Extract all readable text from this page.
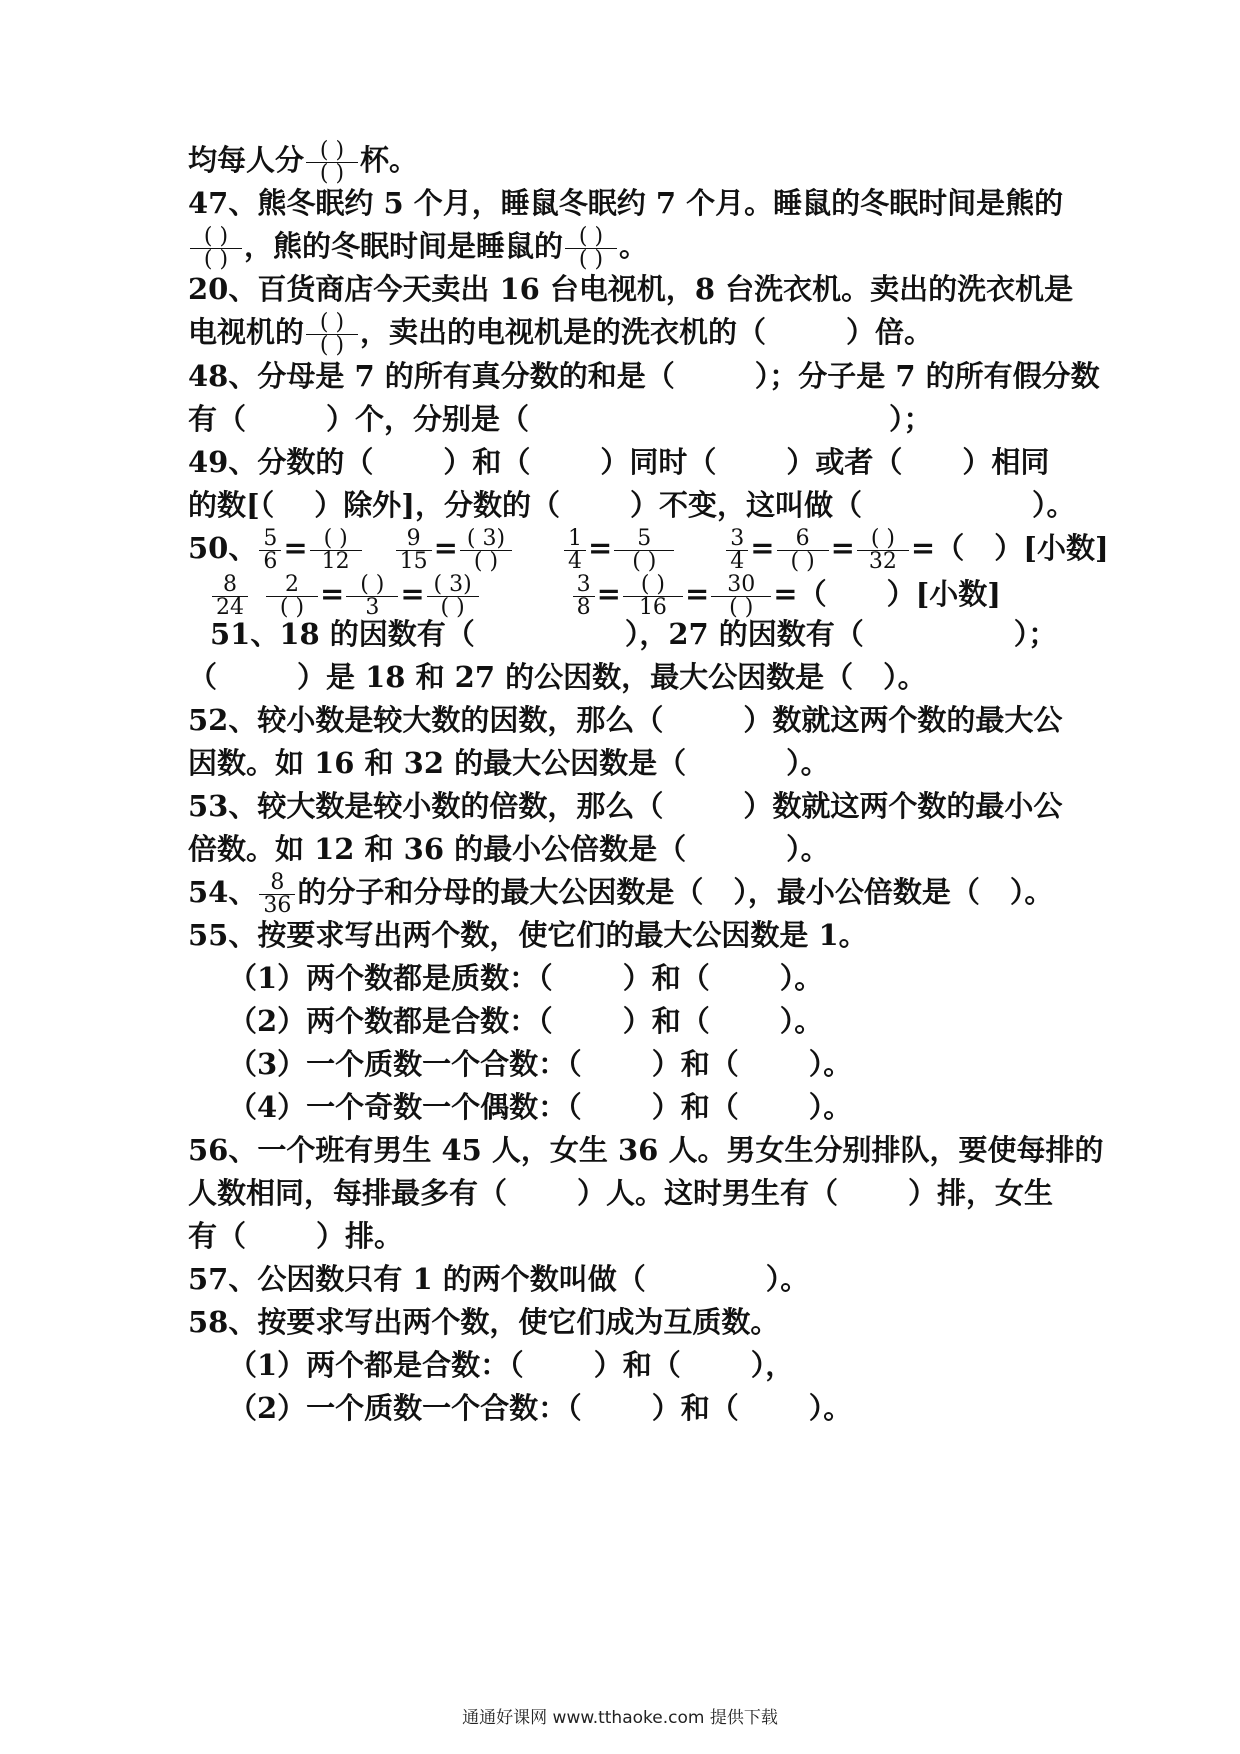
均每人分 $\frac{( )}{( )}$ 杯。
47、熊冬眠约 5 个月，睡鼠冬眠约 7 个月。睡鼠的冬眠时间是熊的
$\frac{( )}{( )}$ ，熊的冬眠时间是睡鼠的 $\frac{( )}{( )}$ 。
20、百货商店今天卖出 16 台电视机，8 台洗衣机。卖出的洗衣机是
电视机的 $\frac{( )}{( )}$ ，卖出的电视机是的洗衣机的（	）倍。
48、分母是 7 的所有真分数的和是（	）；分子是 7 的所有假分数
有（	）个，分别是（	）；
49、分数的（ ）和（ ）同时（ ）或者（ ）相同
的数[（ ）除外]，分数的（ ）不变，这叫做（	）。
50、 $\frac{5}{6} = \frac{( )}{12} \frac{9}{15} = \frac{( 3)}{( )} \frac{1}{4} = \frac{5}{( )} \frac{3}{4} = \frac{6}{( )} = \frac{( )}{32}$ =（ ）[小数]
$\frac{8}{24} \frac{2}{( )} = \frac{( )}{3} = \frac{( 3)}{( )}$	$\frac{3}{8} = \frac{( )}{16} = \frac{30}{( )}$ =（ ）[小数]
51、18 的因数有（	），27 的因数有（	）；
（	）是 18 和 27 的公因数，最大公因数是（ ）。
52、较小数是较大数的因数，那么（	）数就这两个数的最大公
因数。如 16 和 32 的最大公因数是（	）。
53、较大数是较小数的倍数，那么（	）数就这两个数的最小公
倍数。如 12 和 36 的最小公倍数是（	）。
54、 $\frac{8}{36}$ 的分子和分母的最大公因数是（ ），最小公倍数是（ ）。
55、按要求写出两个数，使它们的最大公因数是 1。
（1）两个数都是质数：（ ）和（ ）。
（2）两个数都是合数：（ ）和（ ）。
（3）一个质数一个合数：（ ）和（ ）。
（4）一个奇数一个偶数：（ ）和（ ）。
56、一个班有男生 45 人，女生 36 人。男女生分别排队，要使每排的
人数相同，每排最多有（ ）人。这时男生有（ ）排，女生
有（ ）排。
57、公因数只有 1 的两个数叫做（	）。
58、按要求写出两个数，使它们成为互质数。
（1）两个都是合数：（ ）和（ ），
（2）一个质数一个合数：（ ）和（ ）。
通通好课网 www.tthaoke.com 提供下载
